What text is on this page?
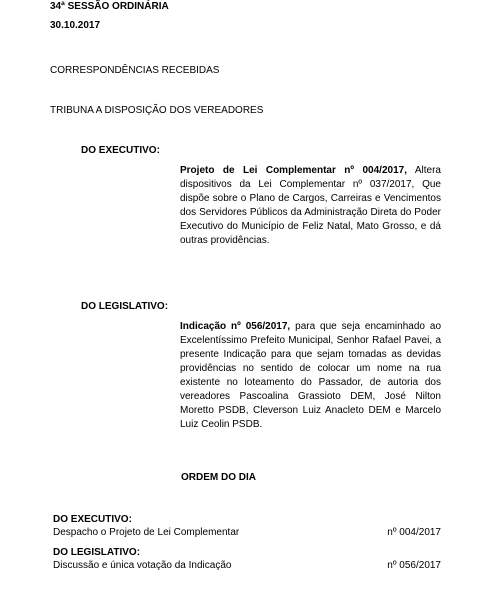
34ª SESSÃO ORDINÁRIA
30.10.2017
CORRESPONDÊNCIAS RECEBIDAS
TRIBUNA A DISPOSIÇÃO DOS VEREADORES
DO EXECUTIVO:
Projeto de Lei Complementar nº 004/2017, Altera dispositivos da Lei Complementar nº 037/2017, Que dispõe sobre o Plano de Cargos, Carreiras e Vencimentos dos Servidores Públicos da Administração Direta do Poder Executivo do Município de Feliz Natal, Mato Grosso, e dá outras providências.
DO LEGISLATIVO:
Indicação nº 056/2017, para que seja encaminhado ao Excelentíssimo Prefeito Municipal, Senhor Rafael Pavei, a presente Indicação para que sejam tomadas as devidas providências no sentido de colocar um nome na rua existente no loteamento do Passador, de autoria dos vereadores Pascoalina Grassioto DEM, José Nilton Moretto PSDB, Cleverson Luiz Anacleto DEM e Marcelo Luiz Ceolin PSDB.
ORDEM DO DIA
DO EXECUTIVO:
Despacho o Projeto de Lei Complementar	nº 004/2017
DO LEGISLATIVO:
Discussão e única votação da Indicação	nº 056/2017
